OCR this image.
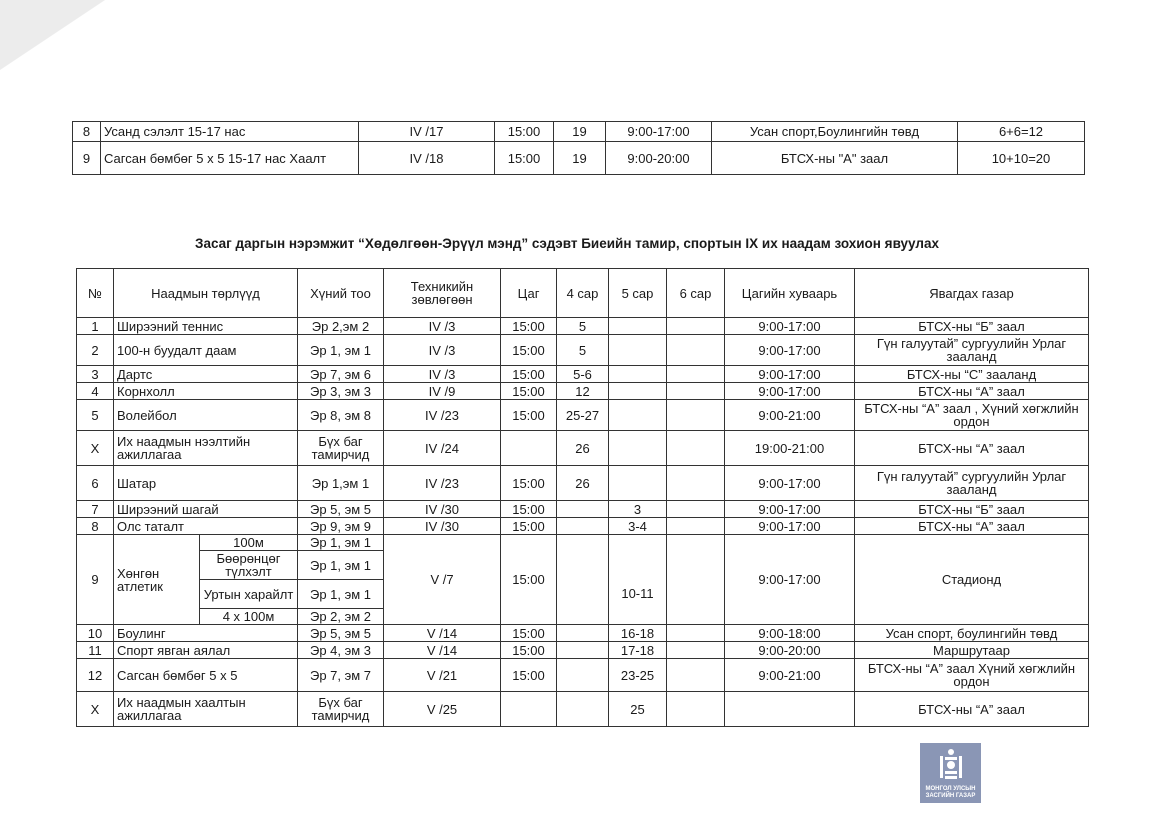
8	Усанд сэлэлт 15-17 нас	IV /17	15:00	19	9:00-17:00	Усан спорт,Боулингийн төвд	6+6=12
9	Сагсан бөмбөг 5 х 5 15-17 нас Хаалт	IV /18	15:00	19	9:00-20:00	БТСХ-ны "А" заал	10+10=20
Засаг даргын нэрэмжит “Хөдөлгөөн-Эрүүл мэнд” сэдэвт Биеийн тамир, спортын IX их наадам зохион явуулах
№	Наадмын төрлүүд		Хүний тоо	Техникийн зөвлөгөөн	Цаг	4 сар	5 сар	6 сар	Цагийн хуваарь	Явагдах газар
1	Ширээний теннис		Эр 2,эм 2	IV /3	15:00	5			9:00-17:00	БТСХ-ны “Б” заал
2	100-н буудалт даам		Эр 1, эм 1	IV /3	15:00	5			9:00-17:00	Гүн галуутай” сургуулийн Урлаг зааланд
3	Дартс		Эр 7, эм 6	IV /3	15:00	5-6			9:00-17:00	БТСХ-ны “С” зааланд
4	Корнхолл		Эр 3, эм 3	IV /9	15:00	12			9:00-17:00	БТСХ-ны “А” заал
5	Волейбол		Эр 8, эм 8	IV /23	15:00	25-27			9:00-21:00	БТСХ-ны “А” заал , Хүний хөгжлийн ордон
X	Их наадмын нээлтийн ажиллагаа		Бүх баг тамирчид	IV /24		26			19:00-21:00	БТСХ-ны “А” заал
6	Шатар		Эр 1,эм 1	IV /23	15:00	26			9:00-17:00	Гүн галуутай” сургуулийн Урлаг зааланд
7	Ширээний шагай		Эр 5, эм 5	IV /30	15:00		3		9:00-17:00	БТСХ-ны “Б” заал
8	Олс таталт		Эр 9, эм 9	IV /30	15:00		3-4		9:00-17:00	БТСХ-ны “А” заал
9	Хөнгөн атлетик	100м	Эр 1, эм 1	V /7	15:00		10-11		9:00-17:00	Стадионд
		Бөөрөнцөг түлхэлт	Эр 1, эм 1							
		Уртын харайлт	Эр 1, эм 1							
		4 х 100м	Эр 2, эм 2							
10	Боулинг		Эр 5, эм 5	V /14	15:00		16-18		9:00-18:00	Усан спорт, боулингийн төвд
11	Спорт явган аялал		Эр 4, эм 3	V /14	15:00		17-18		9:00-20:00	Маршрутаар
12	Сагсан бөмбөг 5 х 5		Эр 7, эм 7	V /21	15:00		23-25		9:00-21:00	БТСХ-ны “А” заал Хүний хөгжлийн ордон
X	Их наадмын хаалтын ажиллагаа		Бүх баг тамирчид	V /25			25			БТСХ-ны “А” заал
МОНГОЛ УЛСЫН ЗАСГИЙН ГАЗАР
